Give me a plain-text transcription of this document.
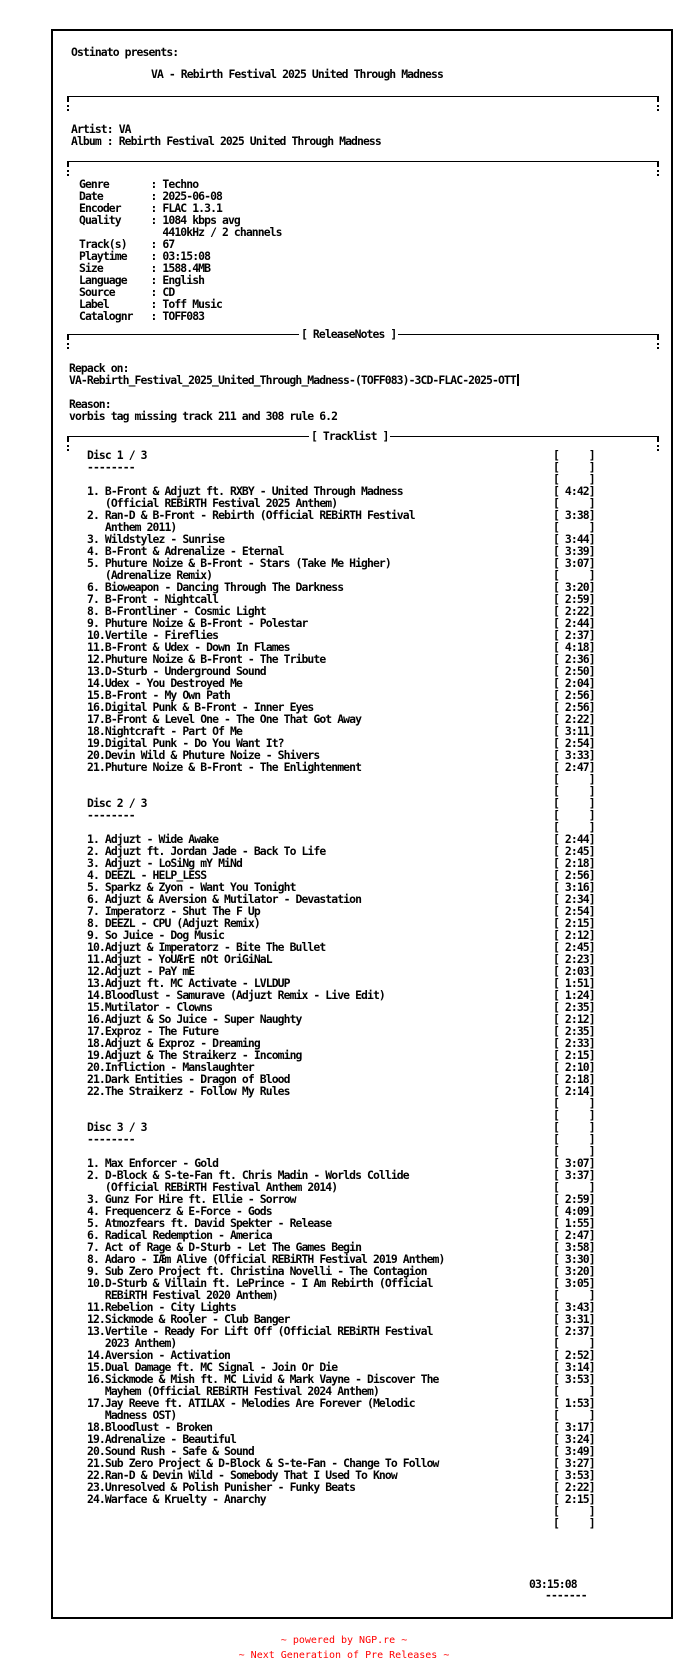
Ostinato presents:
VA - Rebirth Festival 2025 United Through Madness
Artist: VA
Album : Rebirth Festival 2025 United Through Madness
Genre       : Techno
Date        : 2025-06-08
Encoder     : FLAC 1.3.1
Quality     : 1084 kbps avg
4410kHz / 2 channels
Track(s)    : 67
Playtime    : 03:15:08
Size        : 1588.4MB
Language    : English
Source      : CD
Label       : Toff Music
Catalognr   : TOFF083
[ ReleaseNotes ]
Repack on:
VA-Rebirth_Festival_2025_United_Through_Madness-(TOFF083)-3CD-FLAC-2025-OTT
Reason:
vorbis tag missing track 211 and 308 rule 6.2
[ Tracklist ]
Disc 1 / 3	[     ]
--------	[     ]
[     ]
1. B-Front & Adjuzt ft. RXBY - United Through Madness	[ 4:42]
(Official REBiRTH Festival 2025 Anthem)	[     ]
2. Ran-D & B-Front - Rebirth (Official REBiRTH Festival	[ 3:38]
Anthem 2011)	[     ]
3. Wildstylez - Sunrise	[ 3:44]
4. B-Front & Adrenalize - Eternal	[ 3:39]
5. Phuture Noize & B-Front - Stars (Take Me Higher)	[ 3:07]
(Adrenalize Remix)	[     ]
6. Bioweapon - Dancing Through The Darkness	[ 3:20]
7. B-Front - Nightcall	[ 2:59]
8. B-Frontliner - Cosmic Light	[ 2:22]
9. Phuture Noize & B-Front - Polestar	[ 2:44]
10.Vertile - Fireflies	[ 2:37]
11.B-Front & Udex - Down In Flames	[ 4:18]
12.Phuture Noize & B-Front - The Tribute	[ 2:36]
13.D-Sturb - Underground Sound	[ 2:50]
14.Udex - You Destroyed Me	[ 2:04]
15.B-Front - My Own Path	[ 2:56]
16.Digital Punk & B-Front - Inner Eyes	[ 2:56]
17.B-Front & Level One - The One That Got Away	[ 2:22]
18.Nightcraft - Part Of Me	[ 3:11]
19.Digital Punk - Do You Want It?	[ 2:54]
20.Devin Wild & Phuture Noize - Shivers	[ 3:33]
21.Phuture Noize & B-Front - The Enlightenment	[ 2:47]
[     ]
[     ]
Disc 2 / 3	[     ]
--------	[     ]
[     ]
1. Adjuzt - Wide Awake	[ 2:44]
2. Adjuzt ft. Jordan Jade - Back To Life	[ 2:45]
3. Adjuzt - LoSiNg mY MiNd	[ 2:18]
4. DEEZL - HELP_LESS	[ 2:56]
5. Sparkz & Zyon - Want You Tonight	[ 3:16]
6. Adjuzt & Aversion & Mutilator - Devastation	[ 2:34]
7. Imperatorz - Shut The F Up	[ 2:54]
8. DEEZL - CPU (Adjuzt Remix)	[ 2:15]
9. So Juice - Dog Music	[ 2:12]
10.Adjuzt & Imperatorz - Bite The Bullet	[ 2:45]
11.Adjuzt - YoUÆrE nOt OriGiNaL	[ 2:23]
12.Adjuzt - PaY mE	[ 2:03]
13.Adjuzt ft. MC Activate - LVLDUP	[ 1:51]
14.Bloodlust - Samurave (Adjuzt Remix - Live Edit)	[ 1:24]
15.Mutilator - Clowns	[ 2:35]
16.Adjuzt & So Juice - Super Naughty	[ 2:12]
17.Exproz - The Future	[ 2:35]
18.Adjuzt & Exproz - Dreaming	[ 2:33]
19.Adjuzt & The Straikerz - Incoming	[ 2:15]
20.Infliction - Manslaughter	[ 2:10]
21.Dark Entities - Dragon of Blood	[ 2:18]
22.The Straikerz - Follow My Rules	[ 2:14]
[     ]
[     ]
Disc 3 / 3	[     ]
--------	[     ]
[     ]
1. Max Enforcer - Gold	[ 3:07]
2. D-Block & S-te-Fan ft. Chris Madin - Worlds Collide	[ 3:37]
(Official REBiRTH Festival Anthem 2014)	[     ]
3. Gunz For Hire ft. Ellie - Sorrow	[ 2:59]
4. Frequencerz & E-Force - Gods	[ 4:09]
5. Atmozfears ft. David Spekter - Release	[ 1:55]
6. Radical Redemption - America	[ 2:47]
7. Act of Rage & D-Sturb - Let The Games Begin	[ 3:58]
8. Adaro - IÆm Alive (Official REBiRTH Festival 2019 Anthem)	[ 3:30]
9. Sub Zero Project ft. Christina Novelli - The Contagion	[ 3:20]
10.D-Sturb & Villain ft. LePrince - I Am Rebirth (Official	[ 3:05]
REBiRTH Festival 2020 Anthem)	[     ]
11.Rebelion - City Lights	[ 3:43]
12.Sickmode & Rooler - Club Banger	[ 3:31]
13.Vertile - Ready For Lift Off (Official REBiRTH Festival	[ 2:37]
2023 Anthem)	[     ]
14.Aversion - Activation	[ 2:52]
15.Dual Damage ft. MC Signal - Join Or Die	[ 3:14]
16.Sickmode & Mish ft. MC Livid & Mark Vayne - Discover The	[ 3:53]
Mayhem (Official REBiRTH Festival 2024 Anthem)	[     ]
17.Jay Reeve ft. ATILAX - Melodies Are Forever (Melodic	[ 1:53]
Madness OST)	[     ]
18.Bloodlust - Broken	[ 3:17]
19.Adrenalize - Beautiful	[ 3:24]
20.Sound Rush - Safe & Sound	[ 3:49]
21.Sub Zero Project & D-Block & S-te-Fan - Change To Follow	[ 3:27]
22.Ran-D & Devin Wild - Somebody That I Used To Know	[ 3:53]
23.Unresolved & Polish Punisher - Funky Beats	[ 2:22]
24.Warface & Kruelty - Anarchy	[ 2:15]
[     ]
[     ]
03:15:08
-------
~ powered by NGP.re ~
~ Next Generation of Pre Releases ~
